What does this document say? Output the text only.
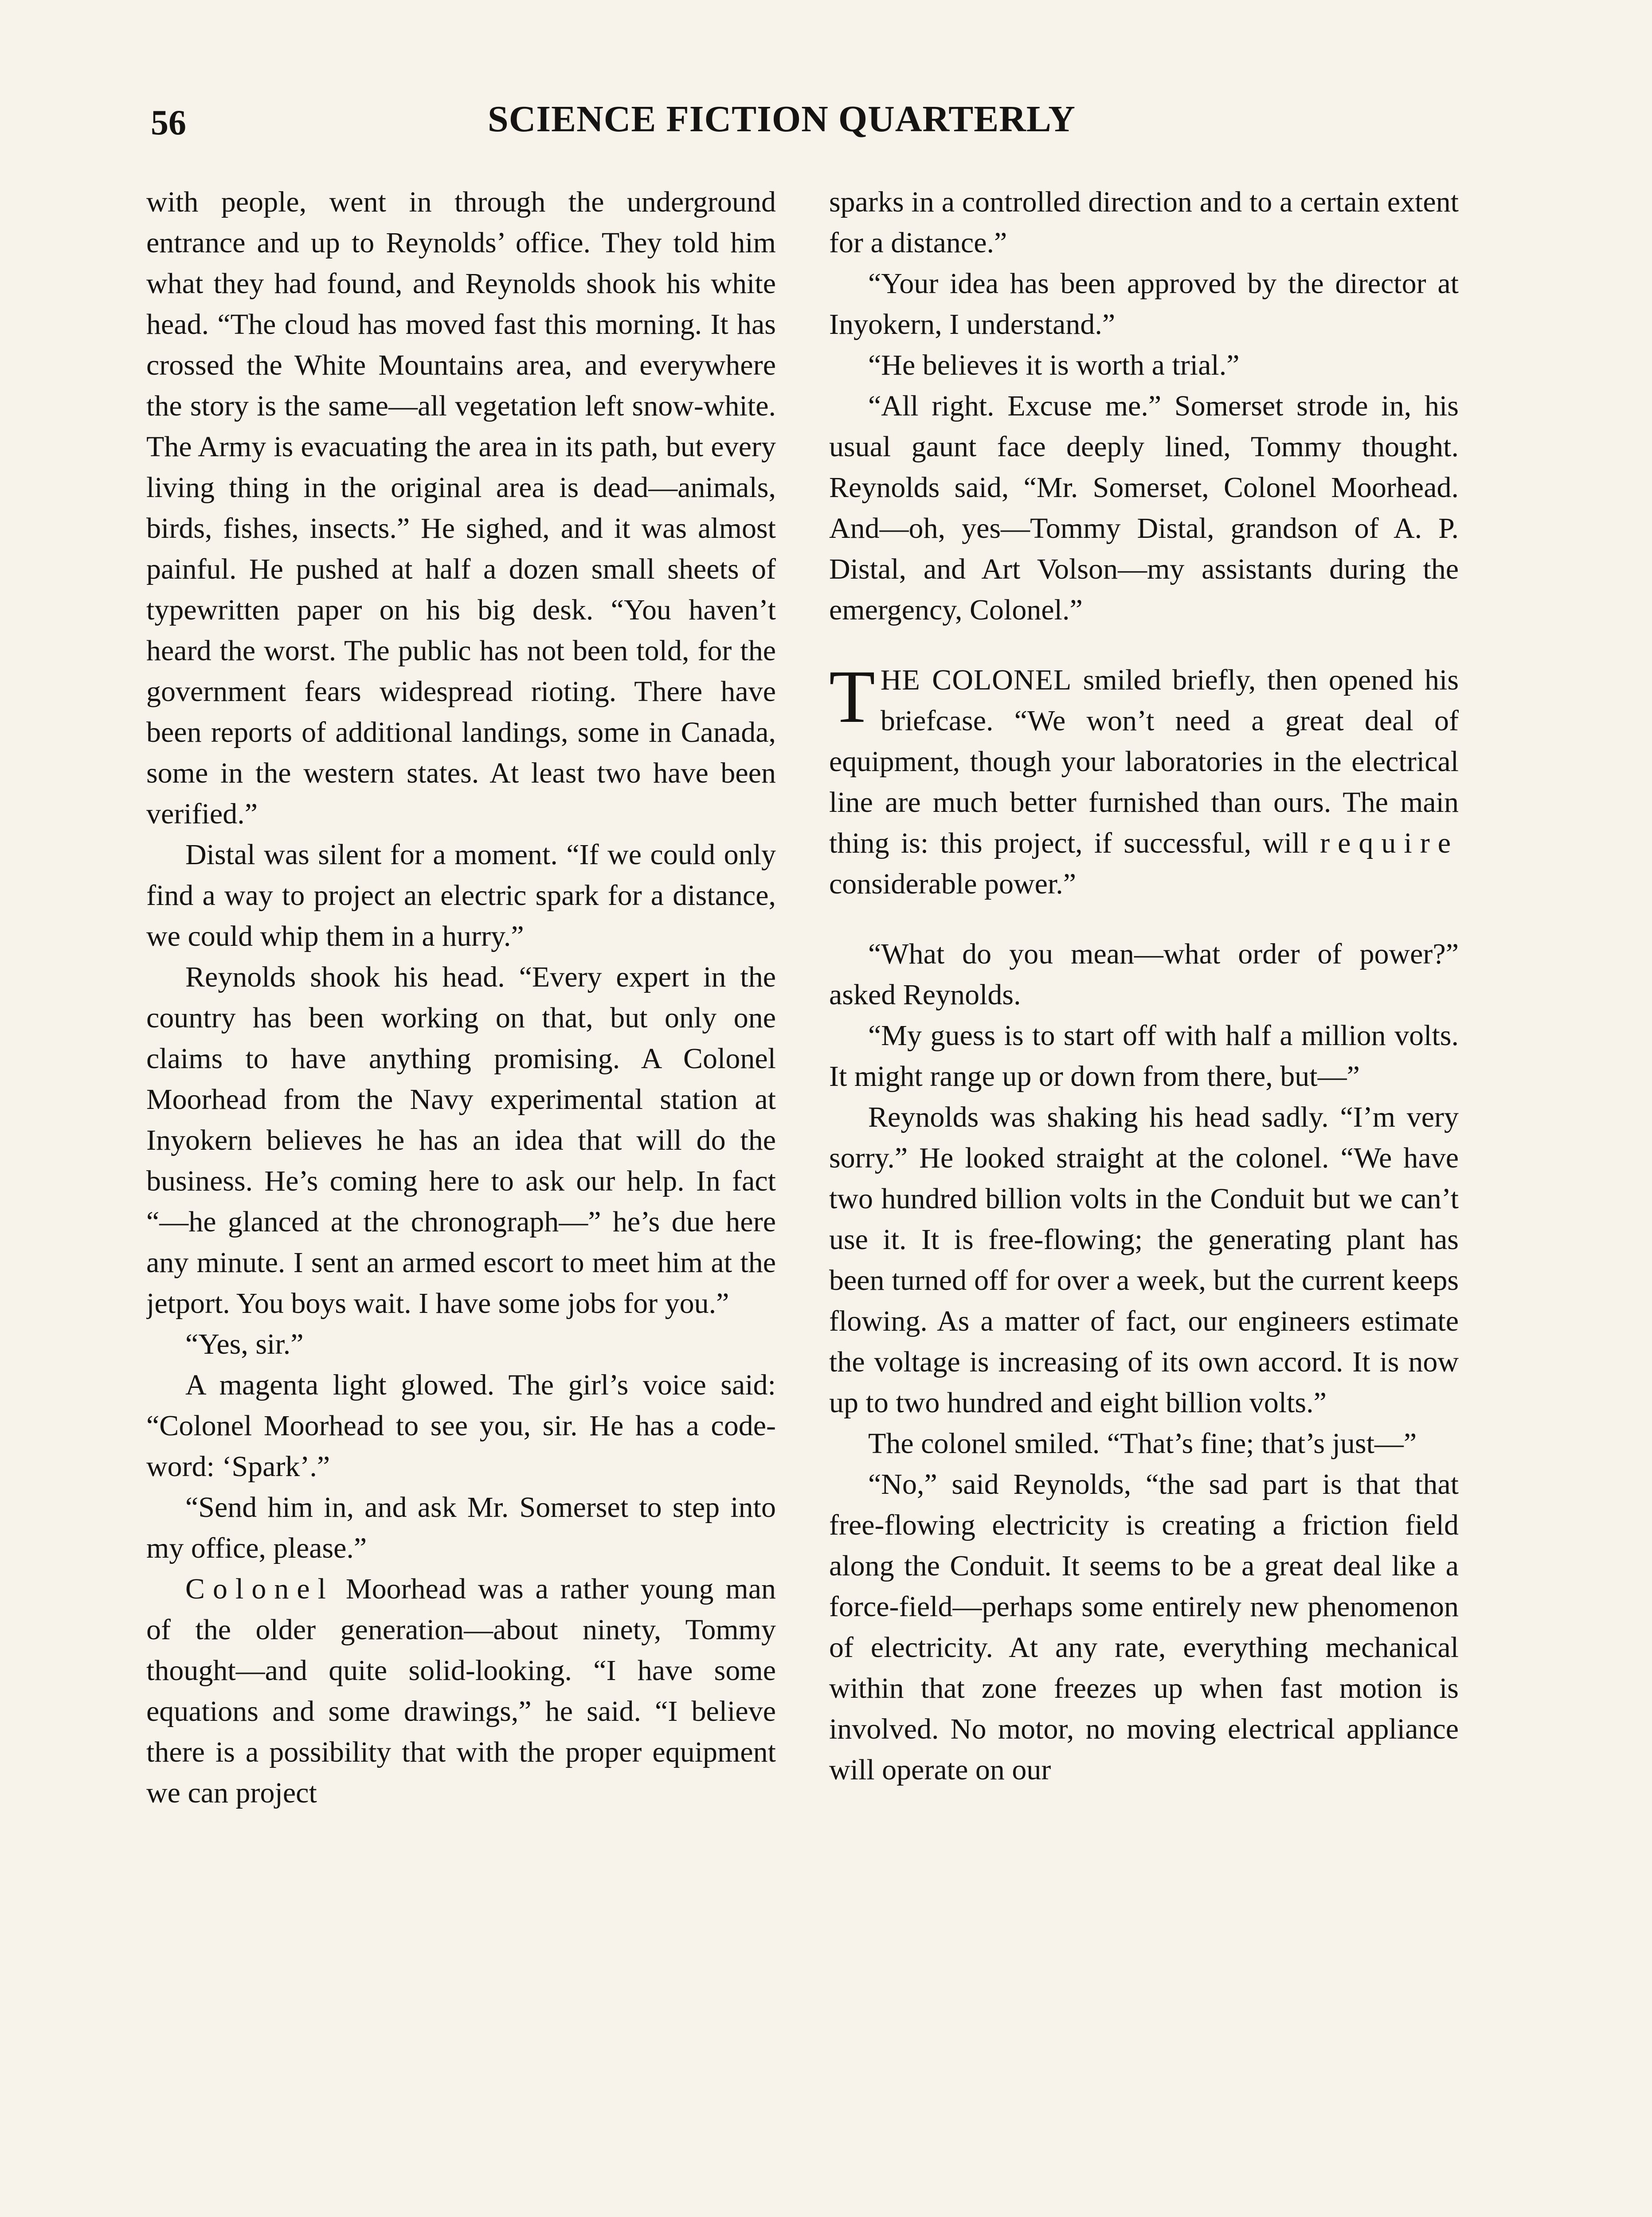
56	SCIENCE FICTION QUARTERLY

with people, went in through the underground entrance and up to Reynolds’ office. They told him what they had found, and Reynolds shook his white head. “The cloud has moved fast this morning. It has crossed the White Mountains area, and everywhere the story is the same—all vegetation left snow-white. The Army is evacuating the area in its path, but every living thing in the original area is dead—animals, birds, fishes, insects.” He sighed, and it was almost painful. He pushed at half a dozen small sheets of typewritten paper on his big desk. “You haven’t heard the worst. The public has not been told, for the government fears widespread rioting. There have been reports of additional landings, some in Canada, some in the western states. At least two have been verified.”

Distal was silent for a moment. “If we could only find a way to project an electric spark for a distance, we could whip them in a hurry.”

Reynolds shook his head. “Every expert in the country has been working on that, but only one claims to have anything promising. A Colonel Moorhead from the Navy experimental station at Inyokern believes he has an idea that will do the business. He’s coming here to ask our help. In fact “—he glanced at the chronograph—” he’s due here any minute. I sent an armed escort to meet him at the jetport. You boys wait. I have some jobs for you.”

“Yes, sir.”

A magenta light glowed. The girl’s voice said: “Colonel Moorhead to see you, sir. He has a code-word: ‘Spark’.”

“Send him in, and ask Mr. Somerset to step into my office, please.”

Colonel Moorhead was a rather young man of the older generation—about ninety, Tommy thought—and quite solid-looking. “I have some equations and some drawings,” he said. “I believe there is a possibility that with the proper equipment we can project

sparks in a controlled direction and to a certain extent for a distance.”

“Your idea has been approved by the director at Inyokern, I understand.”

“He believes it is worth a trial.”

“All right. Excuse me.” Somerset strode in, his usual gaunt face deeply lined, Tommy thought. Reynolds said, “Mr. Somerset, Colonel Moorhead. And—oh, yes—Tommy Distal, grandson of A. P. Distal, and Art Volson—my assistants during the emergency, Colonel.”

THE COLONEL smiled briefly, then opened his briefcase. “We won’t need a great deal of equipment, though your laboratories in the electrical line are much better furnished than ours. The main thing is: this project, if successful, will require considerable power.”

“What do you mean—what order of power?” asked Reynolds.

“My guess is to start off with half a million volts. It might range up or down from there, but—”

Reynolds was shaking his head sadly. “I’m very sorry.” He looked straight at the colonel. “We have two hundred billion volts in the Conduit but we can’t use it. It is free-flowing; the generating plant has been turned off for over a week, but the current keeps flowing. As a matter of fact, our engineers estimate the voltage is increasing of its own accord. It is now up to two hundred and eight billion volts.”

The colonel smiled. “That’s fine; that’s just—”

“No,” said Reynolds, “the sad part is that that free-flowing electricity is creating a friction field along the Conduit. It seems to be a great deal like a force-field—perhaps some entirely new phenomenon of electricity. At any rate, everything mechanical within that zone freezes up when fast motion is involved. No motor, no moving electrical appliance will operate on our
